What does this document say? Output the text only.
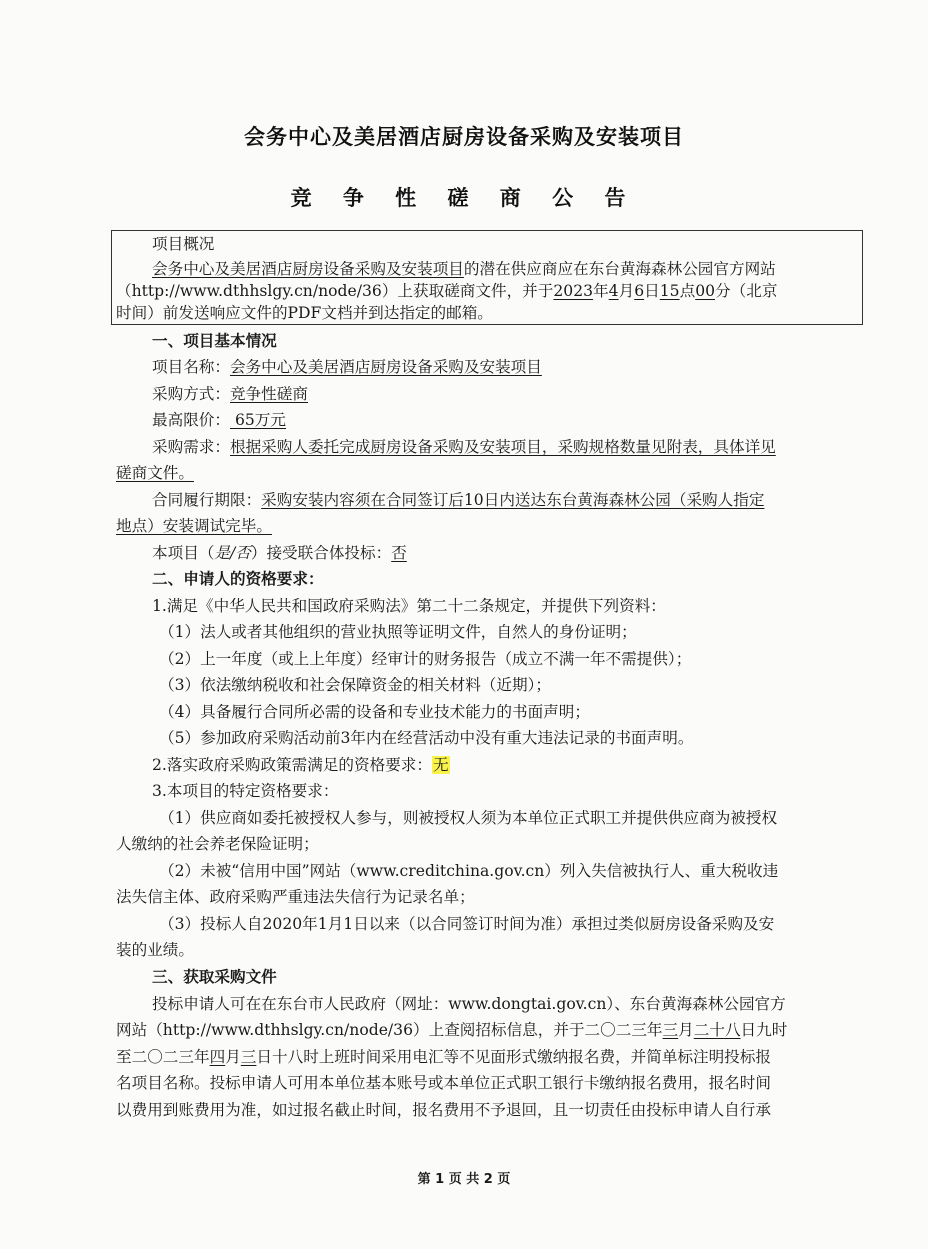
会务中心及美居酒店厨房设备采购及安装项目
竞 争 性 磋 商 公 告
项目概况
会务中心及美居酒店厨房设备采购及安装项目的潜在供应商应在东台黄海森林公园官方网站
（http://www.dthhslgy.cn/node/36）上获取磋商文件，并于2023年4月6日15点00分（北京
时间）前发送响应文件的PDF文档并到达指定的邮箱。
一、项目基本情况
项目名称：会务中心及美居酒店厨房设备采购及安装项目
采购方式：竞争性磋商
最高限价： 65万元
采购需求：根据采购人委托完成厨房设备采购及安装项目，采购规格数量见附表，具体详见
磋商文件。
合同履行期限：采购安装内容须在合同签订后10日内送达东台黄海森林公园（采购人指定
地点）安装调试完毕。
本项目（是/否）接受联合体投标：否
二、申请人的资格要求：
1.满足《中华人民共和国政府采购法》第二十二条规定，并提供下列资料：
（1）法人或者其他组织的营业执照等证明文件，自然人的身份证明；
（2）上一年度（或上上年度）经审计的财务报告（成立不满一年不需提供）；
（3）依法缴纳税收和社会保障资金的相关材料（近期）；
（4）具备履行合同所必需的设备和专业技术能力的书面声明；
（5）参加政府采购活动前3年内在经营活动中没有重大违法记录的书面声明。
2.落实政府采购政策需满足的资格要求：无
3.本项目的特定资格要求：
（1）供应商如委托被授权人参与，则被授权人须为本单位正式职工并提供供应商为被授权
人缴纳的社会养老保险证明；
（2）未被“信用中国”网站（www.creditchina.gov.cn）列入失信被执行人、重大税收违
法失信主体、政府采购严重违法失信行为记录名单；
（3）投标人自2020年1月1日以来（以合同签订时间为准）承担过类似厨房设备采购及安
装的业绩。
三、获取采购文件
投标申请人可在在东台市人民政府（网址：www.dongtai.gov.cn）、东台黄海森林公园官方
网站（http://www.dthhslgy.cn/node/36）上查阅招标信息，并于二〇二三年三月二十八日九时
至二〇二三年四月三日十八时上班时间采用电汇等不见面形式缴纳报名费，并简单标注明投标报
名项目名称。投标申请人可用本单位基本账号或本单位正式职工银行卡缴纳报名费用，报名时间
以费用到账费用为准，如过报名截止时间，报名费用不予退回，且一切责任由投标申请人自行承
第 1 页 共 2 页
